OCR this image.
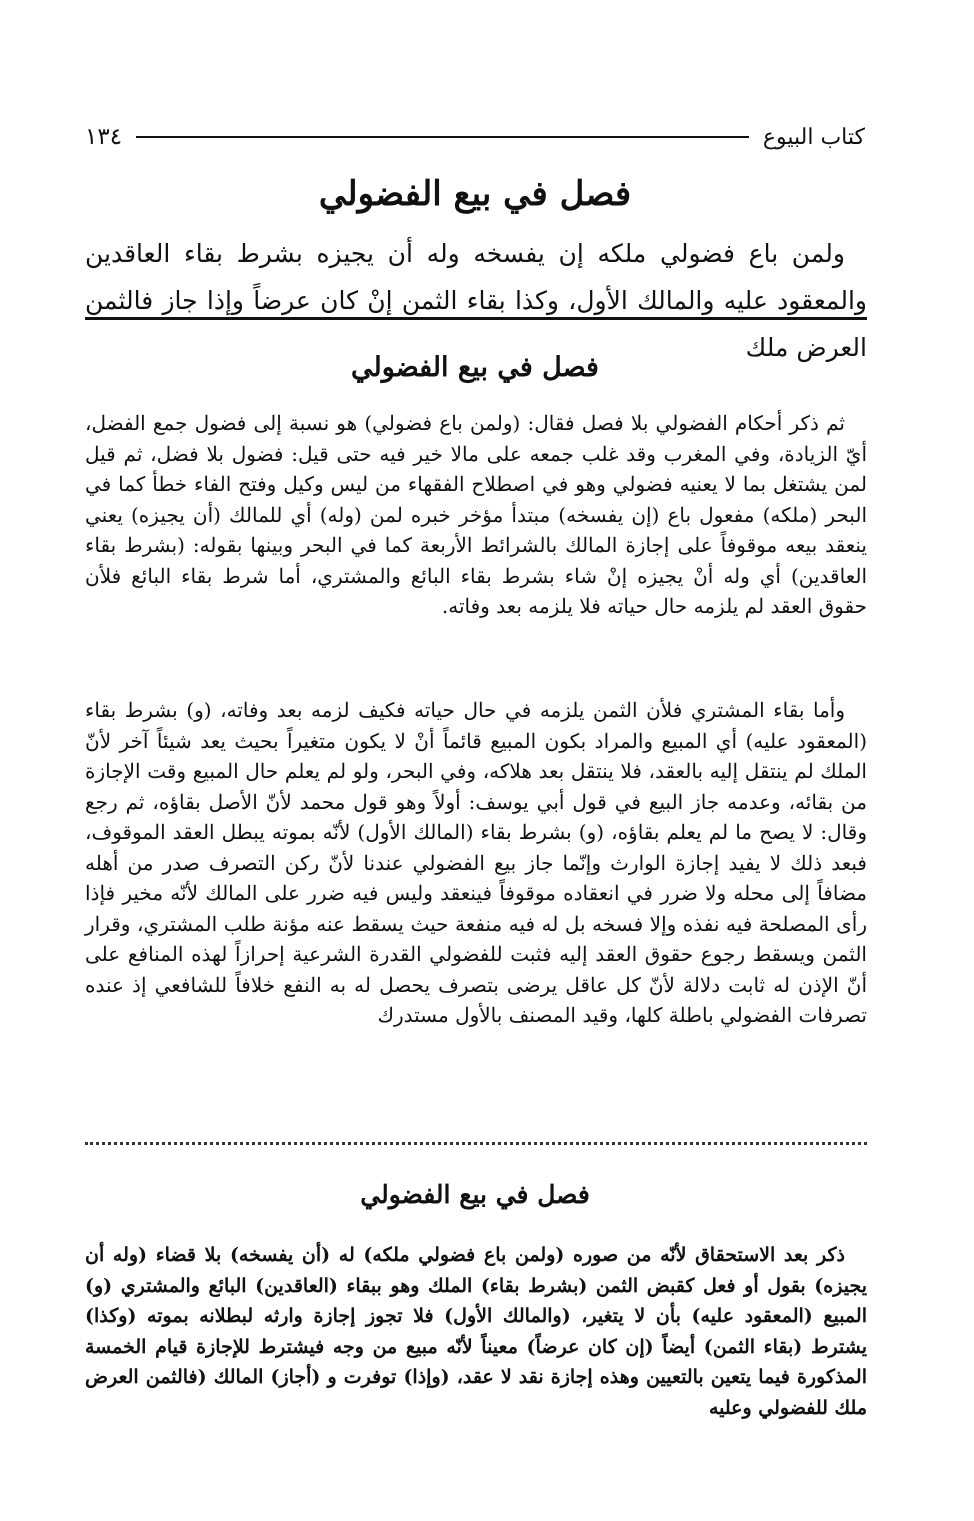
١٣٤	كتاب البيوع
فصل في بيع الفضولي

ولمن باع فضولي ملكه إن يفسخه وله أن يجيزه بشرط بقاء العاقدين والمعقود عليه والمالك الأول، وكذا بقاء الثمن إنْ كان عرضاً وإذا جاز فالثمن العرض ملك

فصل في بيع الفضولي

ثم ذكر أحكام الفضولي بلا فصل فقال: (ولمن باع فضولي) هو نسبة إلى فضول جمع الفضل، أيّ الزيادة، وفي المغرب وقد غلب جمعه على مالا خير فيه حتى قيل: فضول بلا فضل، ثم قيل لمن يشتغل بما لا يعنيه فضولي وهو في اصطلاح الفقهاء من ليس وكيل وفتح الفاء خطأ كما في البحر (ملكه) مفعول باع (إن يفسخه) مبتدأ مؤخر خبره لمن (وله) أي للمالك (أن يجيزه) يعني ينعقد بيعه موقوفاً على إجازة المالك بالشرائط الأربعة كما في البحر وبينها بقوله: (بشرط بقاء العاقدين) أي وله أنْ يجيزه إنْ شاء بشرط بقاء البائع والمشتري، أما شرط بقاء البائع فلأن حقوق العقد لم يلزمه حال حياته فلا يلزمه بعد وفاته.

وأما بقاء المشتري فلأن الثمن يلزمه في حال حياته فكيف لزمه بعد وفاته، (و) بشرط بقاء (المعقود عليه) أي المبيع والمراد بكون المبيع قائماً أنْ لا يكون متغيراً بحيث يعد شيئاً آخر لأنّ الملك لم ينتقل إليه بالعقد، فلا ينتقل بعد هلاكه، وفي البحر، ولو لم يعلم حال المبيع وقت الإجازة من بقائه، وعدمه جاز البيع في قول أبي يوسف: أولاً وهو قول محمد لأنّ الأصل بقاؤه، ثم رجع وقال: لا يصح ما لم يعلم بقاؤه، (و) بشرط بقاء (المالك الأول) لأنّه بموته يبطل العقد الموقوف، فبعد ذلك لا يفيد إجازة الوارث وإنّما جاز بيع الفضولي عندنا لأنّ ركن التصرف صدر من أهله مضافاً إلى محله ولا ضرر في انعقاده موقوفاً فينعقد وليس فيه ضرر على المالك لأنّه مخير فإذا رأى المصلحة فيه نفذه وإلا فسخه بل له فيه منفعة حيث يسقط عنه مؤنة طلب المشتري، وقرار الثمن ويسقط رجوع حقوق العقد إليه فثبت للفضولي القدرة الشرعية إحرازاً لهذه المنافع على أنّ الإذن له ثابت دلالة لأنّ كل عاقل يرضى بتصرف يحصل له به النفع خلافاً للشافعي إذ عنده تصرفات الفضولي باطلة كلها، وقيد المصنف بالأول مستدرك

فصل في بيع الفضولي

ذكر بعد الاستحقاق لأنّه من صوره (ولمن باع فضولي ملكه) له (أن يفسخه) بلا قضاء (وله أن يجيزه) بقول أو فعل كقبض الثمن (بشرط بقاء) الملك وهو ببقاء (العاقدين) البائع والمشتري (و) المبيع (المعقود عليه) بأن لا يتغير، (والمالك الأول) فلا تجوز إجازة وارثه لبطلانه بموته (وكذا) يشترط (بقاء الثمن) أيضاً (إن كان عرضاً) معيناً لأنّه مبيع من وجه فيشترط للإجازة قيام الخمسة المذكورة فيما يتعين بالتعيين وهذه إجازة نقد لا عقد، (وإذا) توفرت و (أجاز) المالك (فالثمن العرض ملك للفضولي وعليه
